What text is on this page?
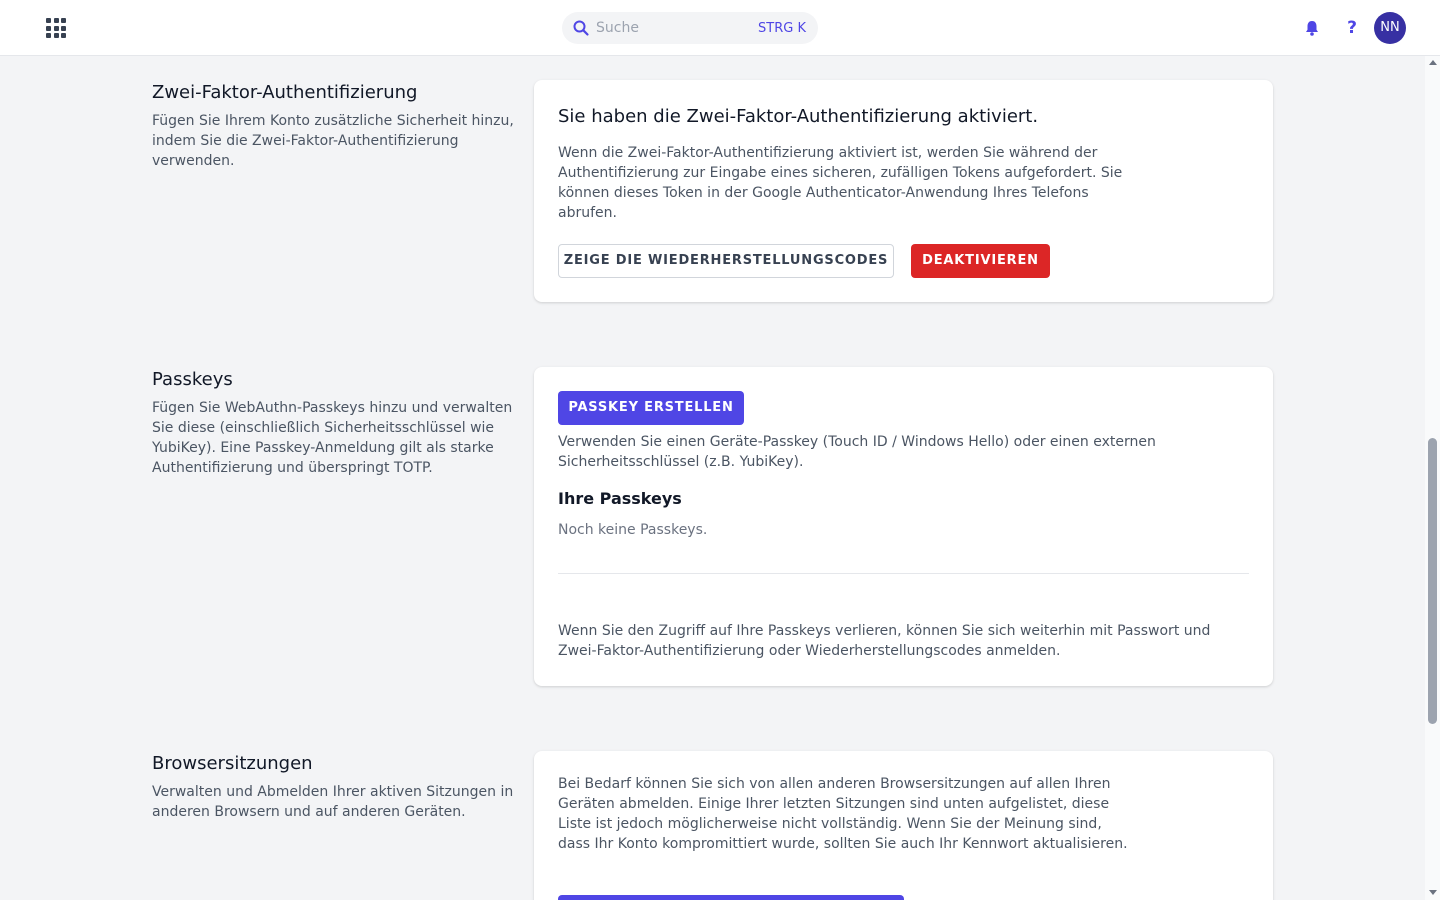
Suche	STRG K	?	NN
Zwei-Faktor-Authentifizierung
Fügen Sie Ihrem Konto zusätzliche Sicherheit hinzu, indem Sie die Zwei-Faktor-Authentifizierung verwenden.
Sie haben die Zwei-Faktor-Authentifizierung aktiviert.
Wenn die Zwei-Faktor-Authentifizierung aktiviert ist, werden Sie während der Authentifizierung zur Eingabe eines sicheren, zufälligen Tokens aufgefordert. Sie können dieses Token in der Google Authenticator-Anwendung Ihres Telefons abrufen.
ZEIGE DIE WIEDERHERSTELLUNGSCODES	DEAKTIVIEREN
Passkeys
Fügen Sie WebAuthn-Passkeys hinzu und verwalten Sie diese (einschließlich Sicherheitsschlüssel wie YubiKey). Eine Passkey-Anmeldung gilt als starke Authentifizierung und überspringt TOTP.
PASSKEY ERSTELLEN
Verwenden Sie einen Geräte-Passkey (Touch ID / Windows Hello) oder einen externen Sicherheitsschlüssel (z.B. YubiKey).
Ihre Passkeys
Noch keine Passkeys.
Wenn Sie den Zugriff auf Ihre Passkeys verlieren, können Sie sich weiterhin mit Passwort und Zwei-Faktor-Authentifizierung oder Wiederherstellungscodes anmelden.
Browsersitzungen
Verwalten und Abmelden Ihrer aktiven Sitzungen in anderen Browsern und auf anderen Geräten.
Bei Bedarf können Sie sich von allen anderen Browsersitzungen auf allen Ihren Geräten abmelden. Einige Ihrer letzten Sitzungen sind unten aufgelistet, diese Liste ist jedoch möglicherweise nicht vollständig. Wenn Sie der Meinung sind, dass Ihr Konto kompromittiert wurde, sollten Sie auch Ihr Kennwort aktualisieren.
